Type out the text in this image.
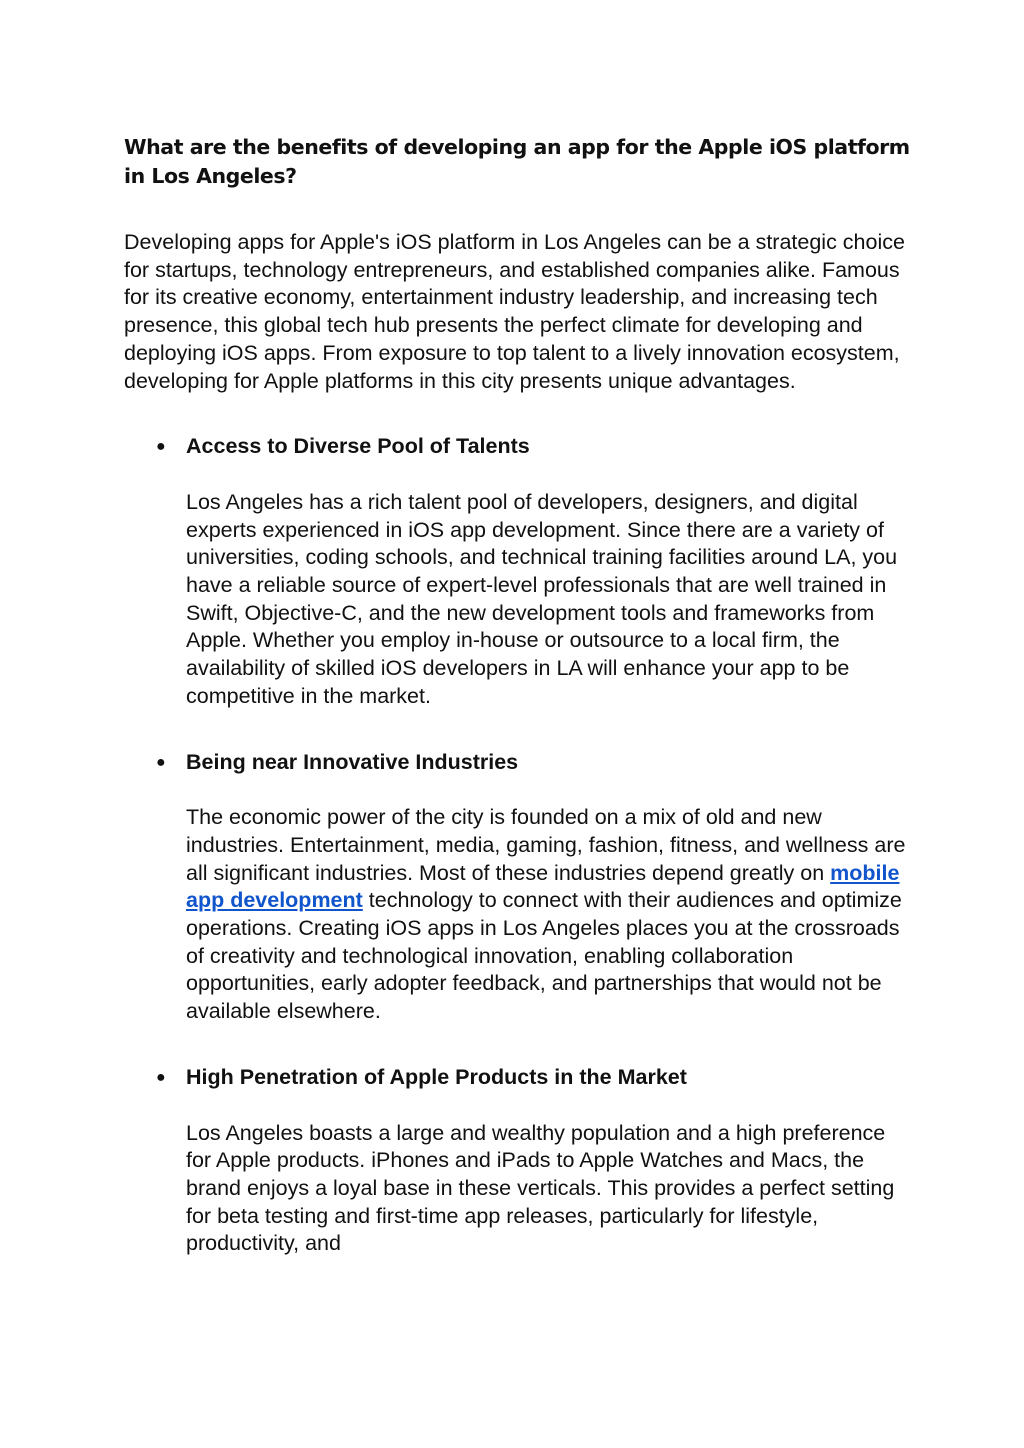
What are the benefits of developing an app for the Apple iOS platform in Los Angeles?

Developing apps for Apple's iOS platform in Los Angeles can be a strategic choice for startups, technology entrepreneurs, and established companies alike. Famous for its creative economy, entertainment industry leadership, and increasing tech presence, this global tech hub presents the perfect climate for developing and deploying iOS apps. From exposure to top talent to a lively innovation ecosystem, developing for Apple platforms in this city presents unique advantages.

● Access to Diverse Pool of Talents

Los Angeles has a rich talent pool of developers, designers, and digital experts experienced in iOS app development. Since there are a variety of universities, coding schools, and technical training facilities around LA, you have a reliable source of expert-level professionals that are well trained in Swift, Objective-C, and the new development tools and frameworks from Apple. Whether you employ in-house or outsource to a local firm, the availability of skilled iOS developers in LA will enhance your app to be competitive in the market.

● Being near Innovative Industries

The economic power of the city is founded on a mix of old and new industries. Entertainment, media, gaming, fashion, fitness, and wellness are all significant industries. Most of these industries depend greatly on mobile app development technology to connect with their audiences and optimize operations. Creating iOS apps in Los Angeles places you at the crossroads of creativity and technological innovation, enabling collaboration opportunities, early adopter feedback, and partnerships that would not be available elsewhere.

● High Penetration of Apple Products in the Market

Los Angeles boasts a large and wealthy population and a high preference for Apple products. iPhones and iPads to Apple Watches and Macs, the brand enjoys a loyal base in these verticals. This provides a perfect setting for beta testing and first-time app releases, particularly for lifestyle, productivity, and
